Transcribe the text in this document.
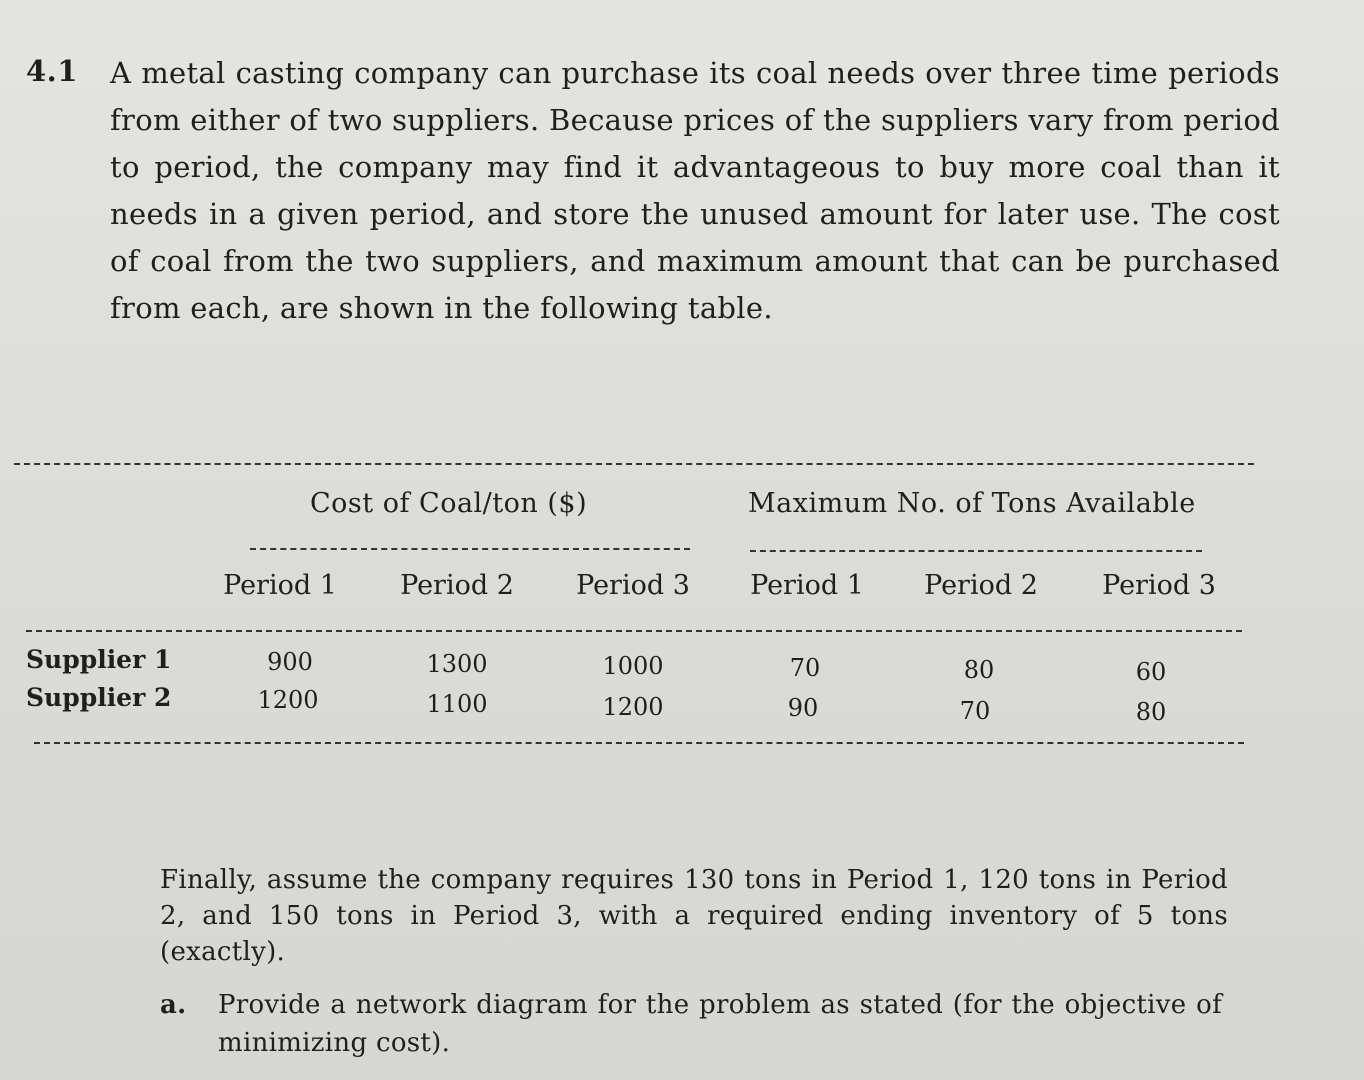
4.1 A metal casting company can purchase its coal needs over three time periods from either of two suppliers. Because prices of the suppliers vary from period to period, the company may find it advantageous to buy more coal than it needs in a given period, and store the unused amount for later use. The cost of coal from the two suppliers, and maximum amount that can be purchased from each, are shown in the following table.
Cost of Coal/ton ($)	Maximum No. of Tons Available
Period 1	Period 2	Period 3	Period 1	Period 2	Period 3
Supplier 1	900	1300	1000	70	80	60
Supplier 2	1200	1100	1200	90	70	80
Finally, assume the company requires 130 tons in Period 1, 120 tons in Period 2, and 150 tons in Period 3, with a required ending inventory of 5 tons (exactly).
a. Provide a network diagram for the problem as stated (for the objective of minimizing cost).
